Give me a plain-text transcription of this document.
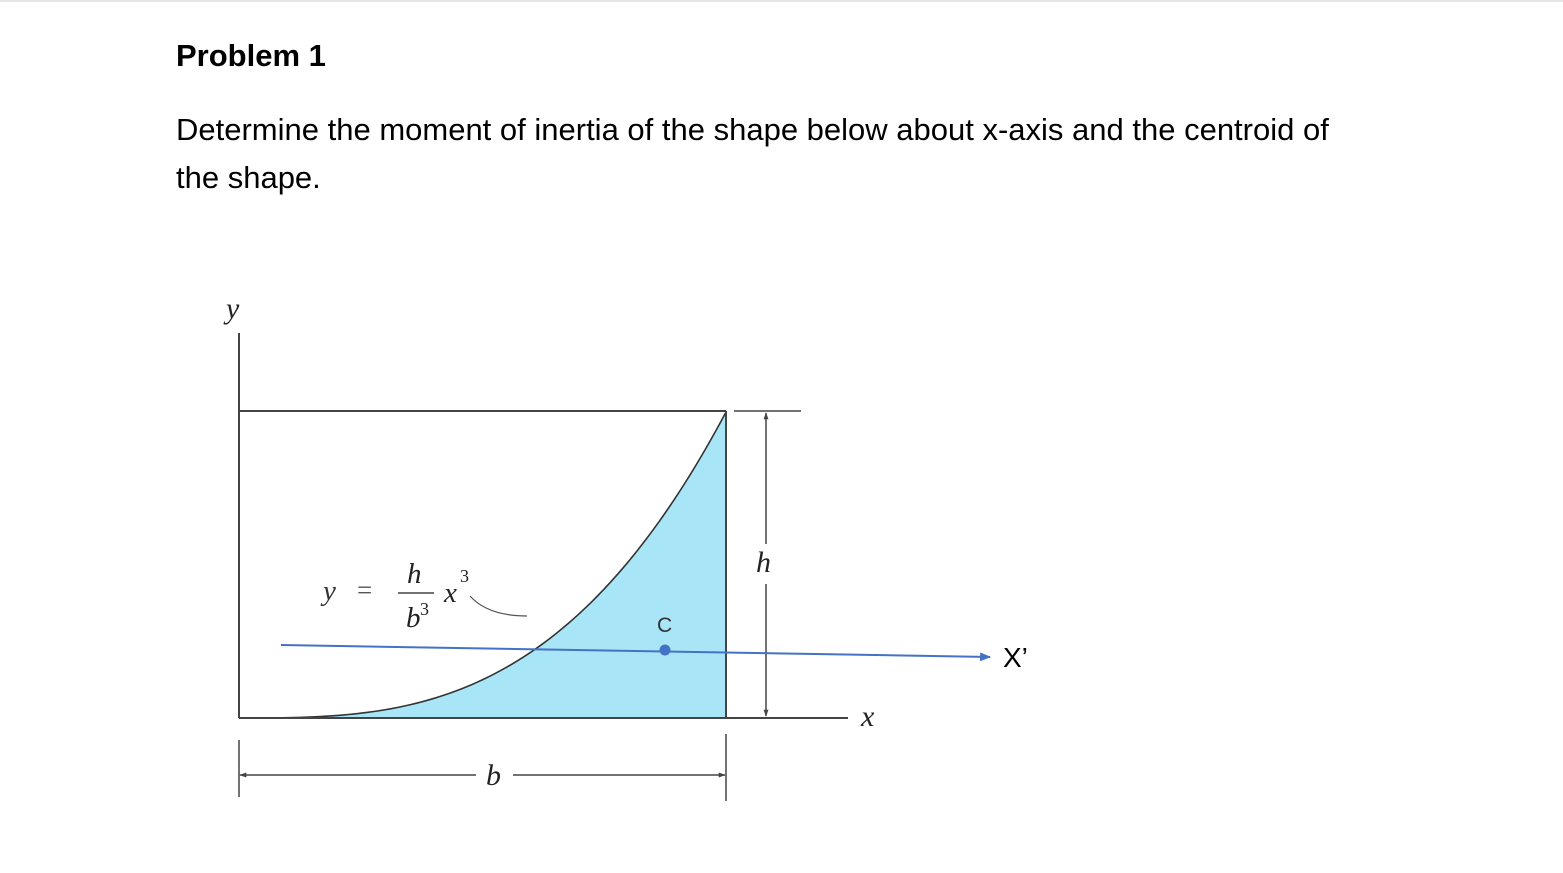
Problem 1

Determine the moment of inertia of the shape below about x-axis and the centroid of the shape.

y
x
b
h
X’
C
y = h
b 3 x
3
